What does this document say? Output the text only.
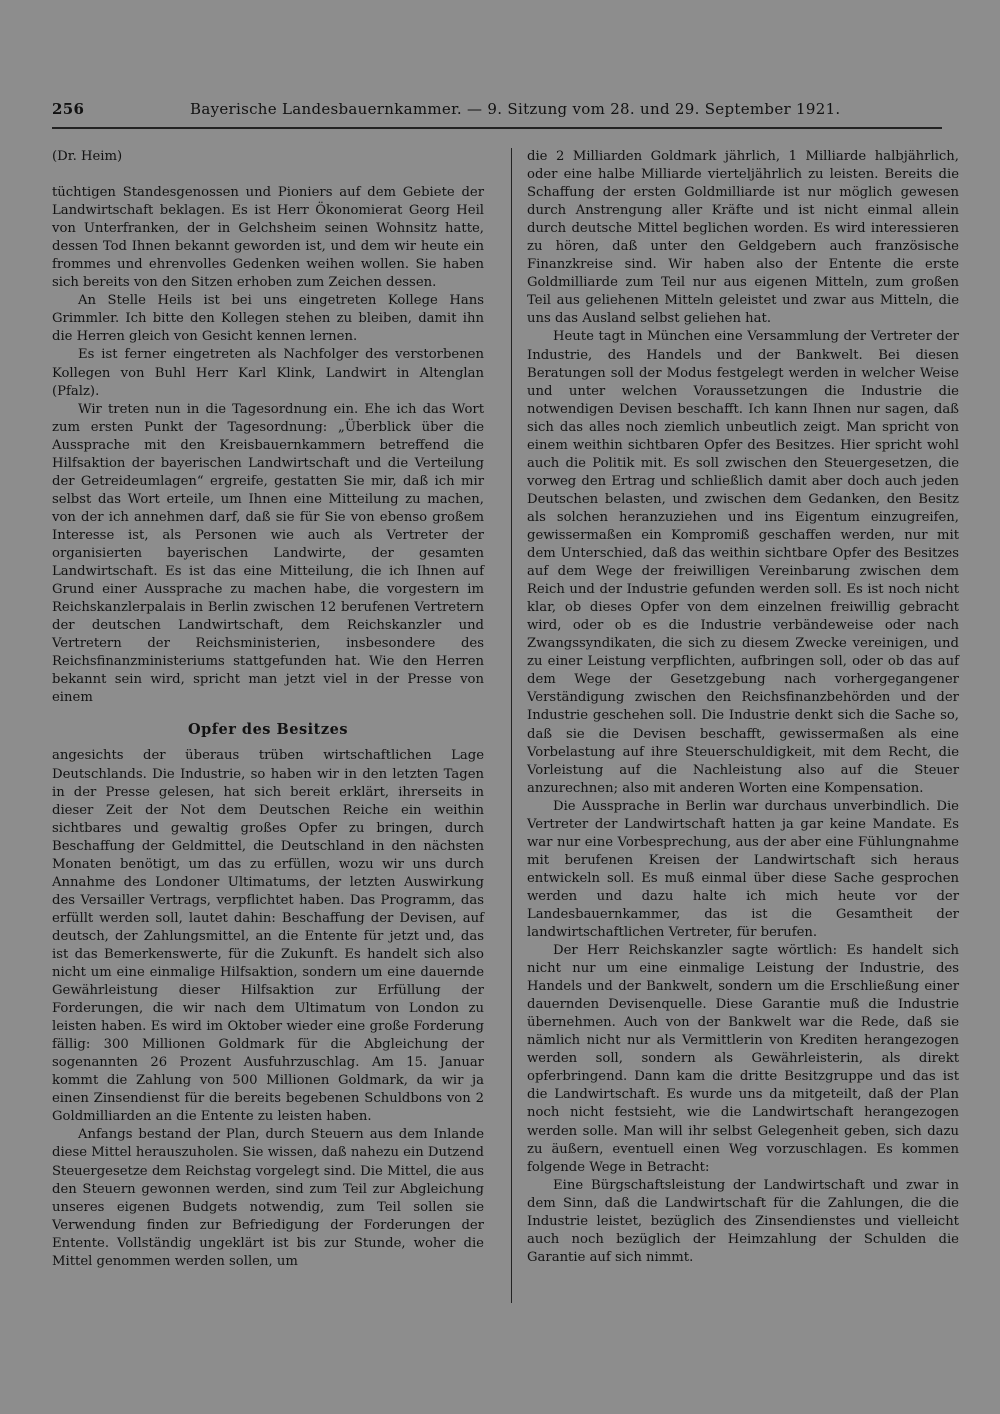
256	Bayerische Landesbauernkammer. — 9. Sitzung vom 28. und 29. September 1921.

(Dr. Heim)

tüchtigen Standesgenossen und Pioniers auf dem Gebiete der Landwirtschaft beklagen. Es ist Herr Ökonomierat Georg Heil von Unterfranken, der in Gelchsheim seinen Wohnsitz hatte, dessen Tod Ihnen bekannt geworden ist, und dem wir heute ein frommes und ehrenvolles Gedenken weihen wollen. Sie haben sich bereits von den Sitzen erhoben zum Zeichen dessen.

An Stelle Heils ist bei uns eingetreten Kollege Hans Grimmler. Ich bitte den Kollegen stehen zu bleiben, damit ihn die Herren gleich von Gesicht kennen lernen.

Es ist ferner eingetreten als Nachfolger des verstorbenen Kollegen von Buhl Herr Karl Klink, Landwirt in Altenglan (Pfalz).

Wir treten nun in die Tagesordnung ein. Ehe ich das Wort zum ersten Punkt der Tagesordnung: „Überblick über die Aussprache mit den Kreisbauernkammern betreffend die Hilfsaktion der bayerischen Landwirtschaft und die Verteilung der Getreideumlagen“ ergreife, gestatten Sie mir, daß ich mir selbst das Wort erteile, um Ihnen eine Mitteilung zu machen, von der ich annehmen darf, daß sie für Sie von ebenso großem Interesse ist, als Personen wie auch als Vertreter der organisierten bayerischen Landwirte, der gesamten Landwirtschaft. Es ist das eine Mitteilung, die ich Ihnen auf Grund einer Aussprache zu machen habe, die vorgestern im Reichskanzlerpalais in Berlin zwischen 12 berufenen Vertretern der deutschen Landwirtschaft, dem Reichskanzler und Vertretern der Reichsministerien, insbesondere des Reichsfinanzministeriums stattgefunden hat. Wie den Herren bekannt sein wird, spricht man jetzt viel in der Presse von einem

Opfer des Besitzes

angesichts der überaus trüben wirtschaftlichen Lage Deutschlands. Die Industrie, so haben wir in den letzten Tagen in der Presse gelesen, hat sich bereit erklärt, ihrerseits in dieser Zeit der Not dem Deutschen Reiche ein weithin sichtbares und gewaltig großes Opfer zu bringen, durch Beschaffung der Geldmittel, die Deutschland in den nächsten Monaten benötigt, um das zu erfüllen, wozu wir uns durch Annahme des Londoner Ultimatums, der letzten Auswirkung des Versailler Vertrags, verpflichtet haben. Das Programm, das erfüllt werden soll, lautet dahin: Beschaffung der Devisen, auf deutsch, der Zahlungsmittel, an die Entente für jetzt und, das ist das Bemerkenswerte, für die Zukunft. Es handelt sich also nicht um eine einmalige Hilfsaktion, sondern um eine dauernde Gewährleistung dieser Hilfsaktion zur Erfüllung der Forderungen, die wir nach dem Ultimatum von London zu leisten haben. Es wird im Oktober wieder eine große Forderung fällig: 300 Millionen Goldmark für die Abgleichung der sogenannten 26 Prozent Ausfuhrzuschlag. Am 15. Januar kommt die Zahlung von 500 Millionen Goldmark, da wir ja einen Zinsendienst für die bereits begebenen Schuldbons von 2 Goldmilliarden an die Entente zu leisten haben.

Anfangs bestand der Plan, durch Steuern aus dem Inlande diese Mittel herauszuholen. Sie wissen, daß nahezu ein Dutzend Steuergesetze dem Reichstag vorgelegt sind. Die Mittel, die aus den Steuern gewonnen werden, sind zum Teil zur Abgleichung unseres eigenen Budgets notwendig, zum Teil sollen sie Verwendung finden zur Befriedigung der Forderungen der Entente. Vollständig ungeklärt ist bis zur Stunde, woher die Mittel genommen werden sollen, um

die 2 Milliarden Goldmark jährlich, 1 Milliarde halbjährlich, oder eine halbe Milliarde vierteljährlich zu leisten. Bereits die Schaffung der ersten Goldmilliarde ist nur möglich gewesen durch Anstrengung aller Kräfte und ist nicht einmal allein durch deutsche Mittel beglichen worden. Es wird interessieren zu hören, daß unter den Geldgebern auch französische Finanzkreise sind. Wir haben also der Entente die erste Goldmilliarde zum Teil nur aus eigenen Mitteln, zum großen Teil aus geliehenen Mitteln geleistet und zwar aus Mitteln, die uns das Ausland selbst geliehen hat.

Heute tagt in München eine Versammlung der Vertreter der Industrie, des Handels und der Bankwelt. Bei diesen Beratungen soll der Modus festgelegt werden in welcher Weise und unter welchen Voraussetzungen die Industrie die notwendigen Devisen beschafft. Ich kann Ihnen nur sagen, daß sich das alles noch ziemlich unbeutlich zeigt. Man spricht von einem weithin sichtbaren Opfer des Besitzes. Hier spricht wohl auch die Politik mit. Es soll zwischen den Steuergesetzen, die vorweg den Ertrag und schließlich damit aber doch auch jeden Deutschen belasten, und zwischen dem Gedanken, den Besitz als solchen heranzuziehen und ins Eigentum einzugreifen, gewissermaßen ein Kompromiß geschaffen werden, nur mit dem Unterschied, daß das weithin sichtbare Opfer des Besitzes auf dem Wege der freiwilligen Vereinbarung zwischen dem Reich und der Industrie gefunden werden soll. Es ist noch nicht klar, ob dieses Opfer von dem einzelnen freiwillig gebracht wird, oder ob es die Industrie verbändeweise oder nach Zwangssyndikaten, die sich zu diesem Zwecke vereinigen, und zu einer Leistung verpflichten, aufbringen soll, oder ob das auf dem Wege der Gesetzgebung nach vorhergegangener Verständigung zwischen den Reichsfinanzbehörden und der Industrie geschehen soll. Die Industrie denkt sich die Sache so, daß sie die Devisen beschafft, gewissermaßen als eine Vorbelastung auf ihre Steuerschuldigkeit, mit dem Recht, die Vorleistung auf die Nachleistung also auf die Steuer anzurechnen; also mit anderen Worten eine Kompensation.

Die Aussprache in Berlin war durchaus unverbindlich. Die Vertreter der Landwirtschaft hatten ja gar keine Mandate. Es war nur eine Vorbesprechung, aus der aber eine Fühlungnahme mit berufenen Kreisen der Landwirtschaft sich heraus entwickeln soll. Es muß einmal über diese Sache gesprochen werden und dazu halte ich mich heute vor der Landesbauernkammer, das ist die Gesamtheit der landwirtschaftlichen Vertreter, für berufen.

Der Herr Reichskanzler sagte wörtlich: Es handelt sich nicht nur um eine einmalige Leistung der Industrie, des Handels und der Bankwelt, sondern um die Erschließung einer dauernden Devisenquelle. Diese Garantie muß die Industrie übernehmen. Auch von der Bankwelt war die Rede, daß sie nämlich nicht nur als Vermittlerin von Krediten herangezogen werden soll, sondern als Gewährleisterin, als direkt opferbringend. Dann kam die dritte Besitzgruppe und das ist die Landwirtschaft. Es wurde uns da mitgeteilt, daß der Plan noch nicht festsieht, wie die Landwirtschaft herangezogen werden solle. Man will ihr selbst Gelegenheit geben, sich dazu zu äußern, eventuell einen Weg vorzuschlagen. Es kommen folgende Wege in Betracht:

Eine Bürgschaftsleistung der Landwirtschaft und zwar in dem Sinn, daß die Landwirtschaft für die Zahlungen, die die Industrie leistet, bezüglich des Zinsendienstes und vielleicht auch noch bezüglich der Heimzahlung der Schulden die Garantie auf sich nimmt.
